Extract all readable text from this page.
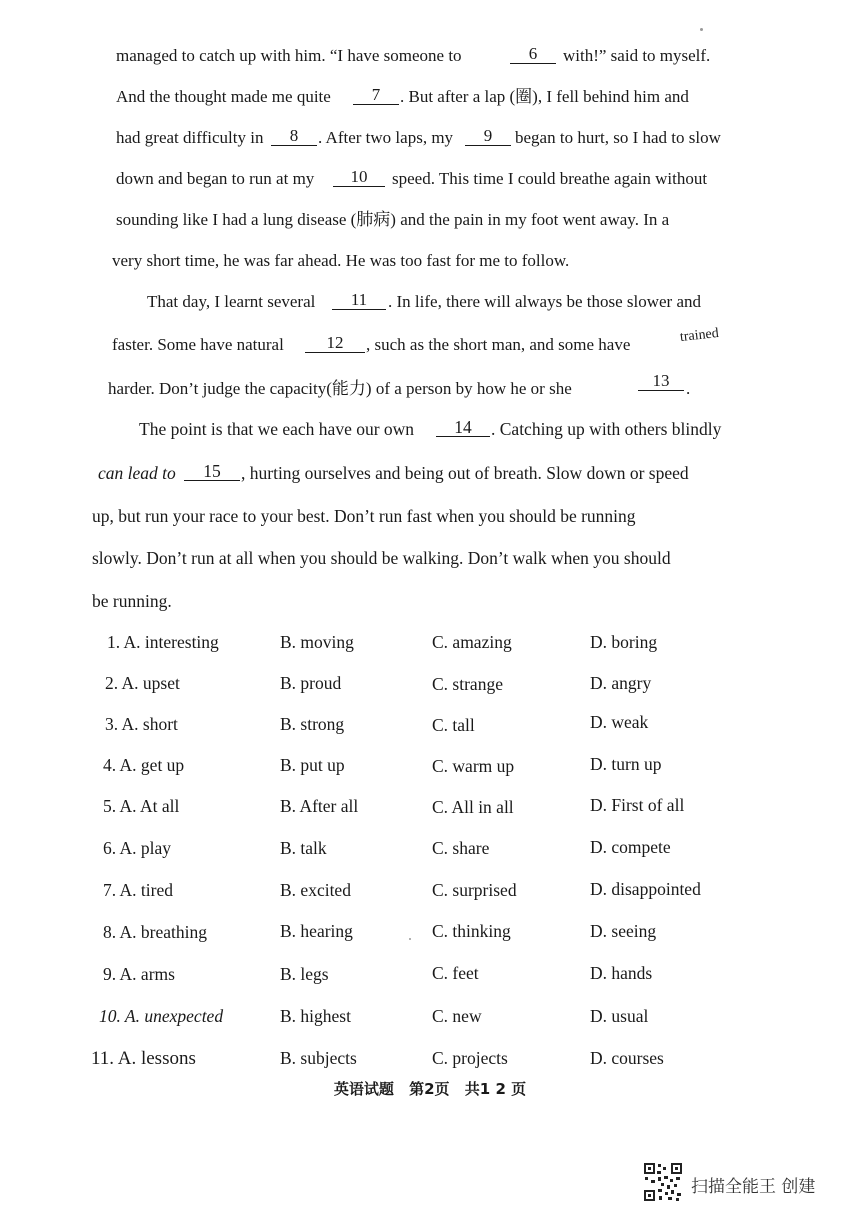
managed to catch up with him. “I have someone to	6	with!” said to myself.
And the thought made me quite	7	. But after a lap (圈), I fell behind him and
had great difficulty in	8	. After two laps, my	9	began to hurt, so I had to slow
down and began to run at my	10	speed. This time I could breathe again without
sounding like I had a lung disease (肺病) and the pain in my foot went away. In a
very short time, he was far ahead. He was too fast for me to follow.
That day, I learnt several	11	. In life, there will always be those slower and
faster. Some have natural	12	, such as the short man, and some have	trained
harder. Don’t judge the capacity(能力) of a person by how he or she	13 .
The point is that we each have our own	14	. Catching up with others blindly
can lead to	15	, hurting ourselves and being out of breath. Slow down or speed
up, but run your race to your best. Don’t run fast when you should be running
slowly. Don’t run at all when you should be walking. Don’t walk when you should
be running.
1. A. interesting	B. moving	C. amazing	D. boring
2. A. upset	B. proud	C. strange	D. angry
3. A. short	B. strong	C. tall	D. weak
4. A. get up	B. put up	C. warm up	D. turn up
5. A. At all	B. After all	C. All in all	D. First of all
6. A. play	B. talk	C. share	D. compete
7. A. tired	B. excited	C. surprised	D. disappointed
8. A. breathing	B. hearing	C. thinking	D. seeing
9. A. arms	B. legs	C. feet	D. hands
10. A. unexpected	B. highest	C. new	D. usual
11. A. lessons	B. subjects	C. projects	D. courses
英语试题 第2页 共1 2 页
扫描全能王 创建
